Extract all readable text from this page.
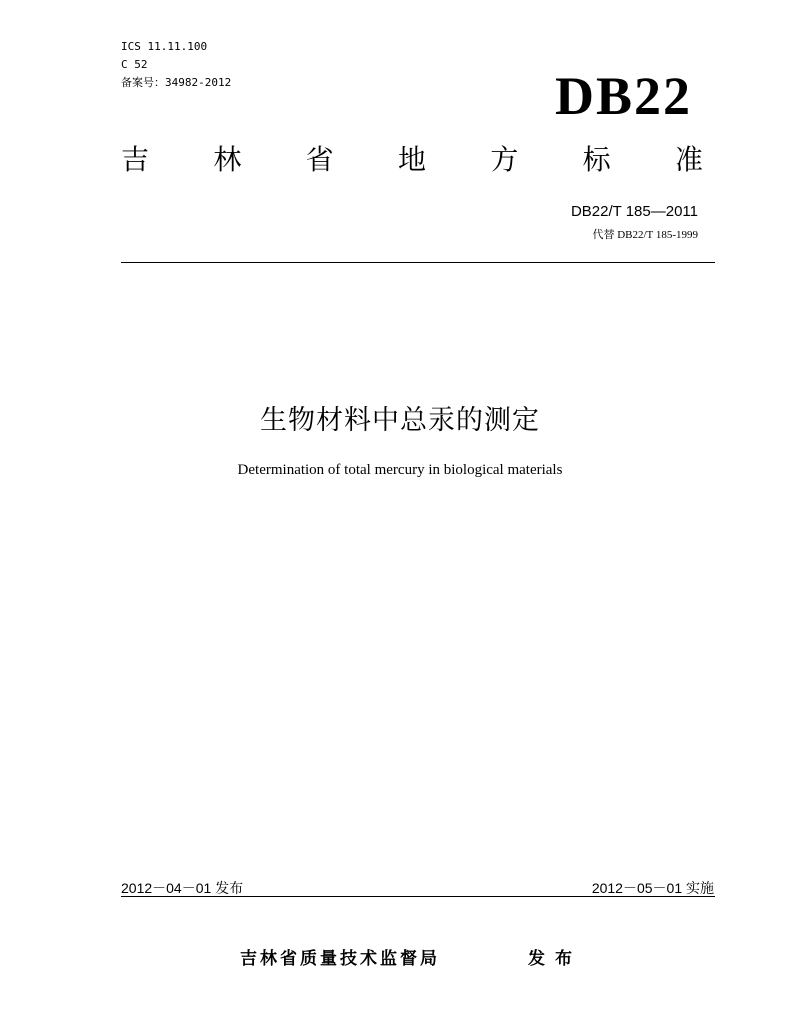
ICS 11.11.100
C 52
备案号：34982-2012	DB22
吉 林 省 地 方 标 准
DB22/T 185—2011
代替 DB22/T 185-1999
生物材料中总汞的测定
Determination of total mercury in biological materials
2012－04－01 发布	2012－05－01 实施
吉林省质量技术监督局	发布
